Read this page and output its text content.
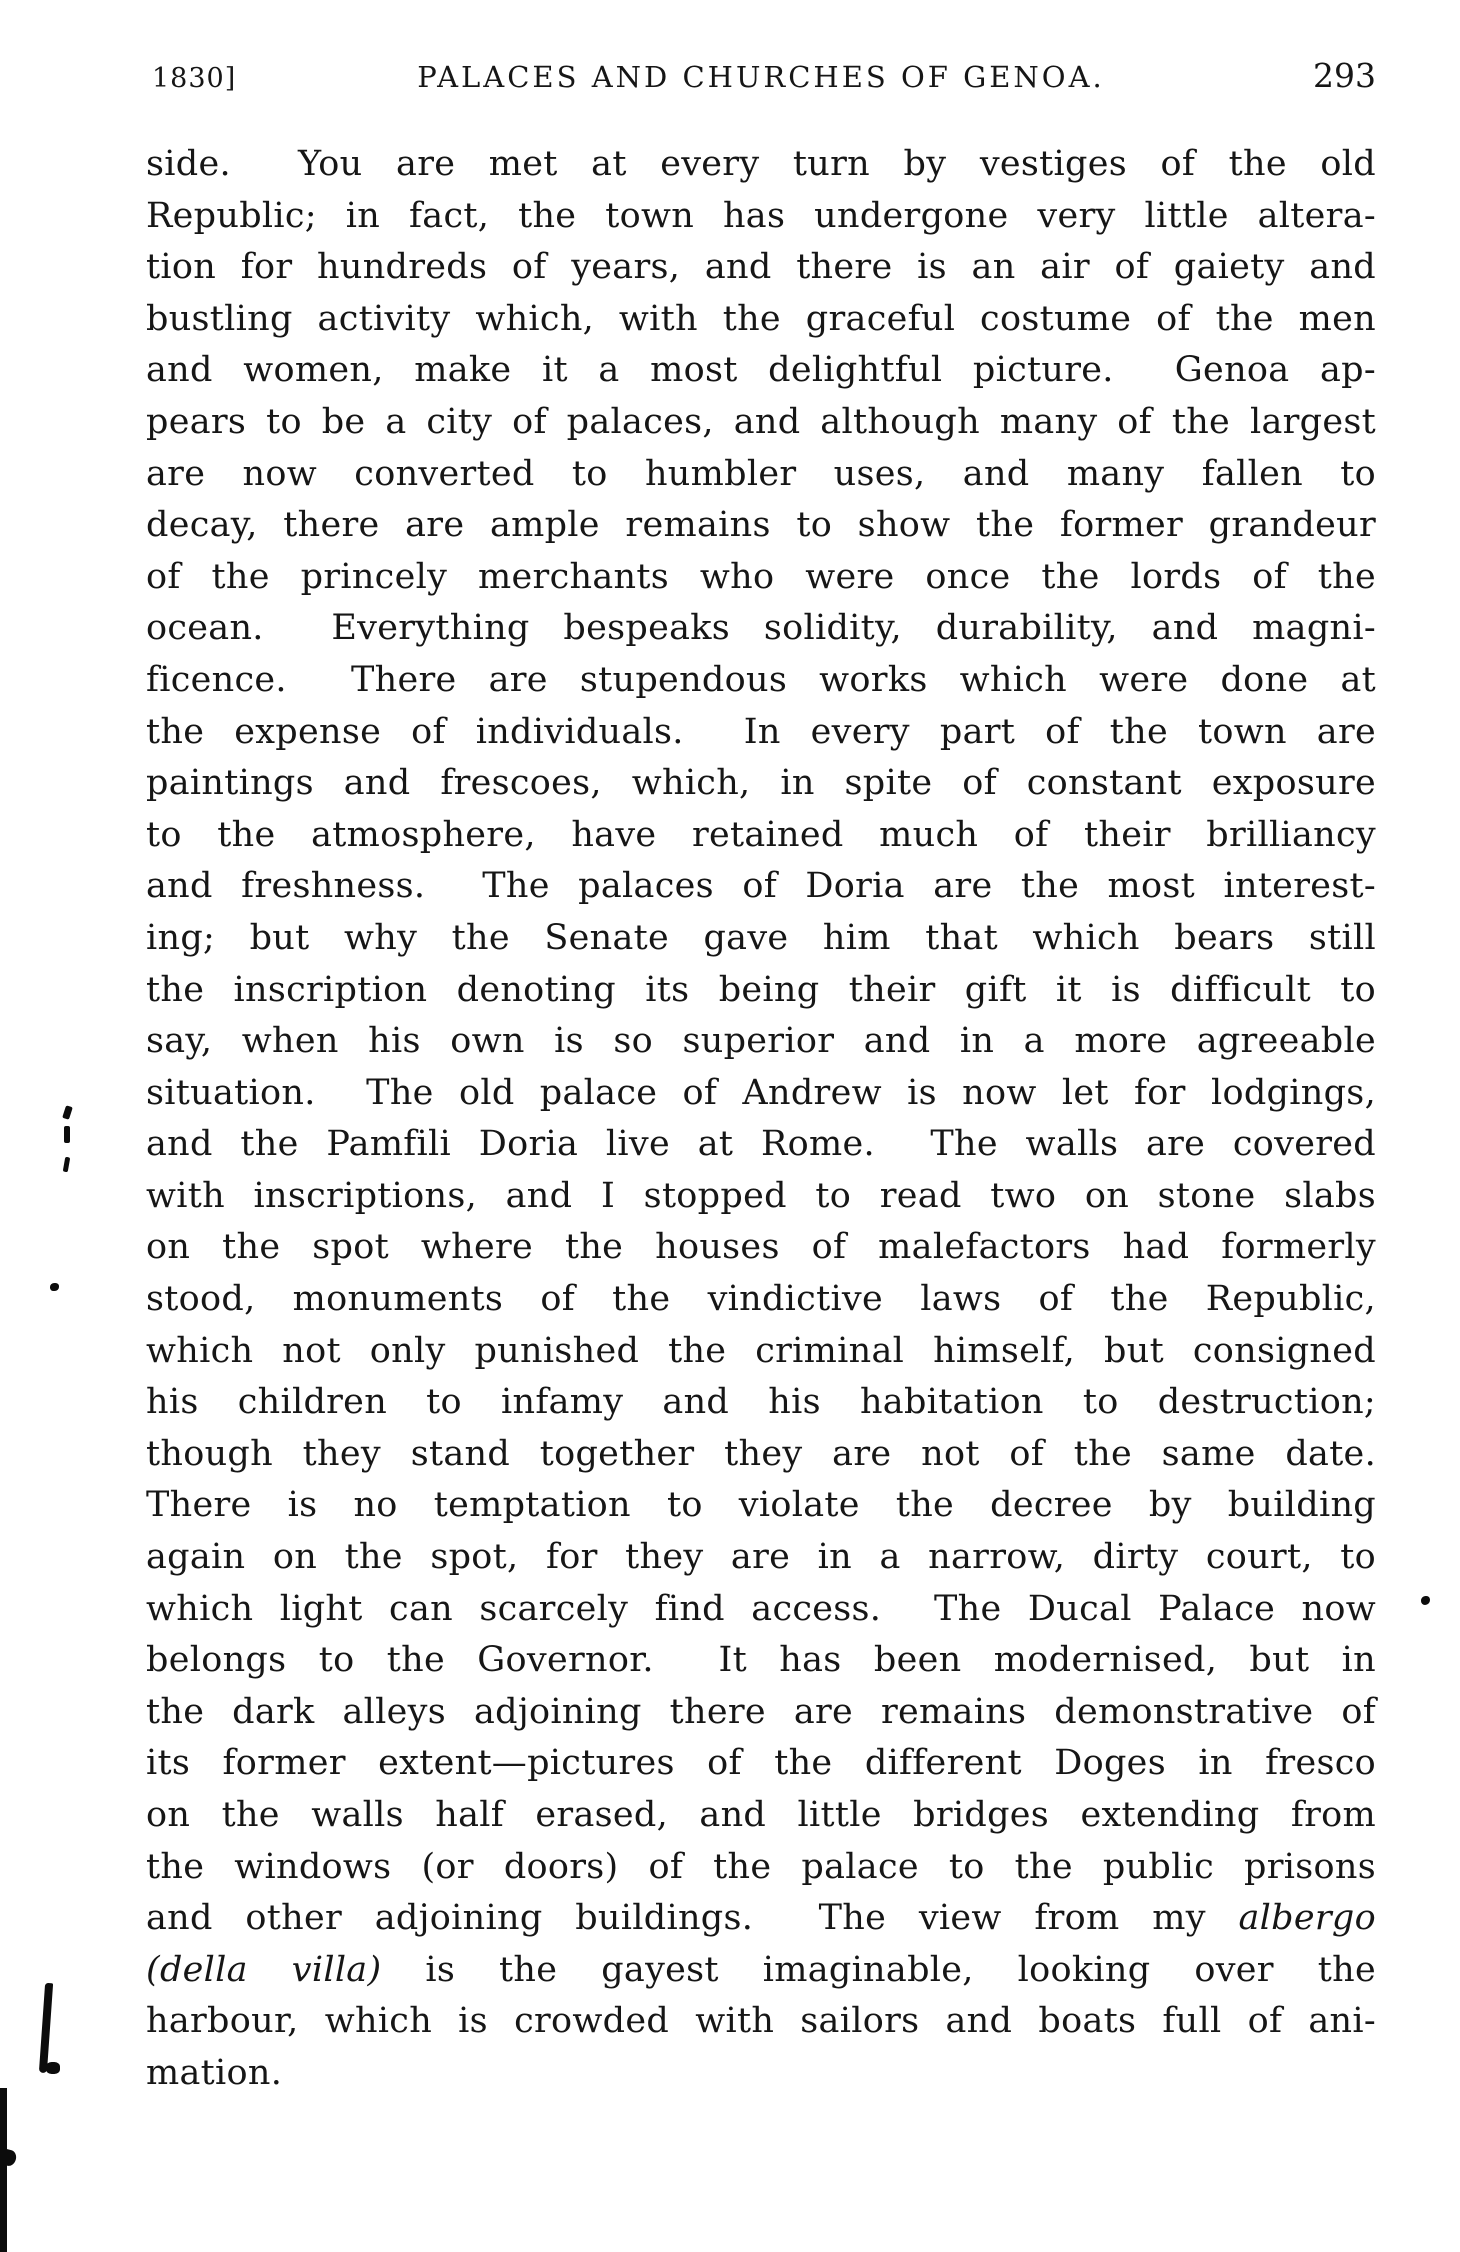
1830]	PALACES AND CHURCHES OF GENOA.	293
side.  You are met at every turn by vestiges of the old
Republic; in fact, the town has undergone very little altera-
tion for hundreds of years, and there is an air of gaiety and
bustling activity which, with the graceful costume of the men
and women, make it a most delightful picture.  Genoa ap-
pears to be a city of palaces, and although many of the largest
are now converted to humbler uses, and many fallen to
decay, there are ample remains to show the former grandeur
of the princely merchants who were once the lords of the
ocean.  Everything bespeaks solidity, durability, and magni-
ficence.  There are stupendous works which were done at
the expense of individuals.  In every part of the town are
paintings and frescoes, which, in spite of constant exposure
to the atmosphere, have retained much of their brilliancy
and freshness.  The palaces of Doria are the most interest-
ing; but why the Senate gave him that which bears still
the inscription denoting its being their gift it is difficult to
say, when his own is so superior and in a more agreeable
situation.  The old palace of Andrew is now let for lodgings,
and the Pamfili Doria live at Rome.  The walls are covered
with inscriptions, and I stopped to read two on stone slabs
on the spot where the houses of malefactors had formerly
stood, monuments of the vindictive laws of the Republic,
which not only punished the criminal himself, but consigned
his children to infamy and his habitation to destruction;
though they stand together they are not of the same date.
There is no temptation to violate the decree by building
again on the spot, for they are in a narrow, dirty court, to
which light can scarcely find access.  The Ducal Palace now
belongs to the Governor.  It has been modernised, but in
the dark alleys adjoining there are remains demonstrative of
its former extent—pictures of the different Doges in fresco
on the walls half erased, and little bridges extending from
the windows (or doors) of the palace to the public prisons
and other adjoining buildings.  The view from my albergo
(della villa) is the gayest imaginable, looking over the
harbour, which is crowded with sailors and boats full of ani-
mation.
